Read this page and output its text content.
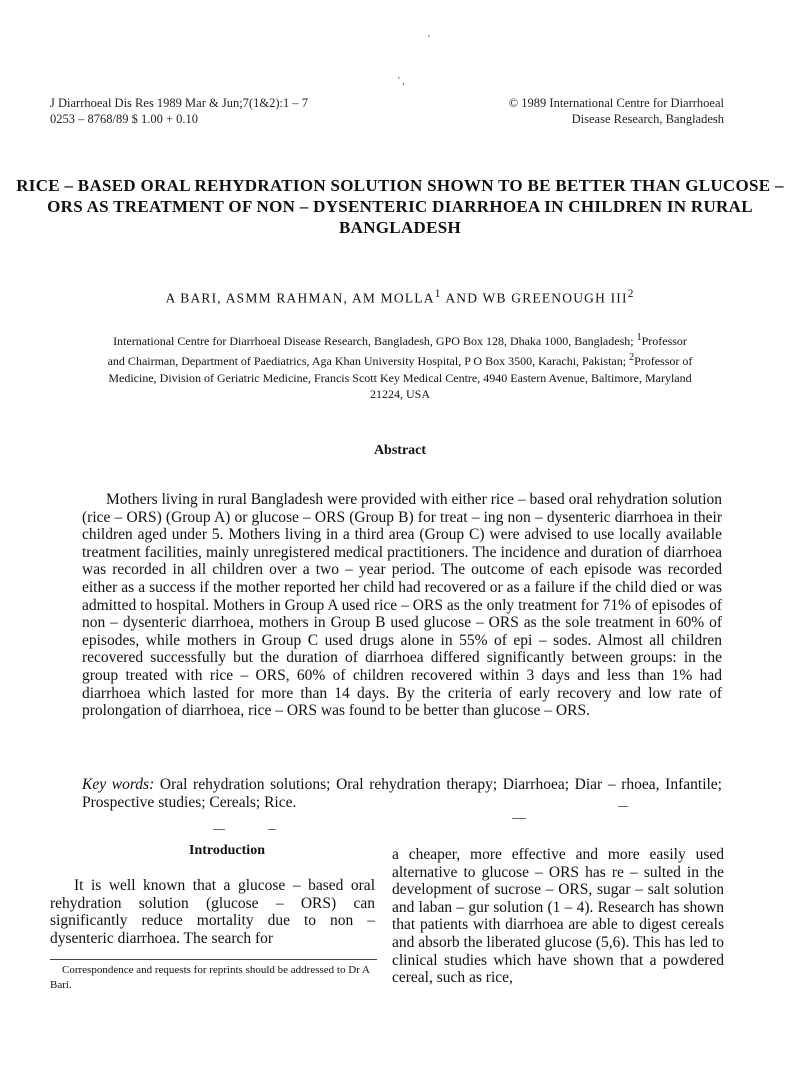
'
' ,
J Diarrhoeal Dis Res 1989 Mar & Jun;7(1&2):1 – 7
0253 – 8768/89 $ 1.00 + 0.10
© 1989 International Centre for Diarrhoeal
Disease Research, Bangladesh
RICE – BASED ORAL REHYDRATION SOLUTION SHOWN TO BE BETTER THAN GLUCOSE – ORS AS TREATMENT OF NON – DYSENTERIC DIARRHOEA IN CHILDREN IN RURAL BANGLADESH
A BARI, ASMM RAHMAN, AM MOLLA$^1$ AND WB GREENOUGH III$^2$
International Centre for Diarrhoeal Disease Research, Bangladesh, GPO Box 128, Dhaka 1000, Bangladesh; $^1$Professor and Chairman, Department of Paediatrics, Aga Khan University Hospital, P O Box 3500, Karachi, Pakistan; $^2$Professor of Medicine, Division of Geriatric Medicine, Francis Scott Key Medical Centre, 4940 Eastern Avenue, Baltimore, Maryland 21224, USA
Abstract
Mothers living in rural Bangladesh were provided with either rice – based oral rehydration solution (rice – ORS) (Group A) or glucose – ORS (Group B) for treat – ing non – dysenteric diarrhoea in their children aged under 5. Mothers living in a third area (Group C) were advised to use locally available treatment facilities, mainly unregistered medical practitioners. The incidence and duration of diarrhoea was recorded in all children over a two – year period. The outcome of each episode was recorded either as a success if the mother reported her child had recovered or as a failure if the child died or was admitted to hospital. Mothers in Group A used rice – ORS as the only treatment for 71% of episodes of non – dysenteric diarrhoea, mothers in Group B used glucose – ORS as the sole treatment in 60% of episodes, while mothers in Group C used drugs alone in 55% of epi – sodes. Almost all children recovered successfully but the duration of diarrhoea differed significantly between groups: in the group treated with rice – ORS, 60% of children recovered within 3 days and less than 1% had diarrhoea which lasted for more than 14 days. By the criteria of early recovery and low rate of prolongation of diarrhoea, rice – ORS was found to be better than glucose – ORS.
Key words: Oral rehydration solutions; Oral rehydration therapy; Diarrhoea; Diar – rhoea, Infantile; Prospective studies; Cereals; Rice.
Introduction
It is well known that a glucose – based oral rehydration solution (glucose – ORS) can significantly reduce mortality due to non – dysenteric diarrhoea. The search for
Correspondence and requests for reprints should be addressed to Dr A Bari.
a cheaper, more effective and more easily used alternative to glucose – ORS has re – sulted in the development of sucrose – ORS, sugar – salt solution and laban – gur solution (1 – 4). Research has shown that patients with diarrhoea are able to digest cereals and absorb the liberated glucose (5,6). This has led to clinical studies which have shown that a powdered cereal, such as rice,
